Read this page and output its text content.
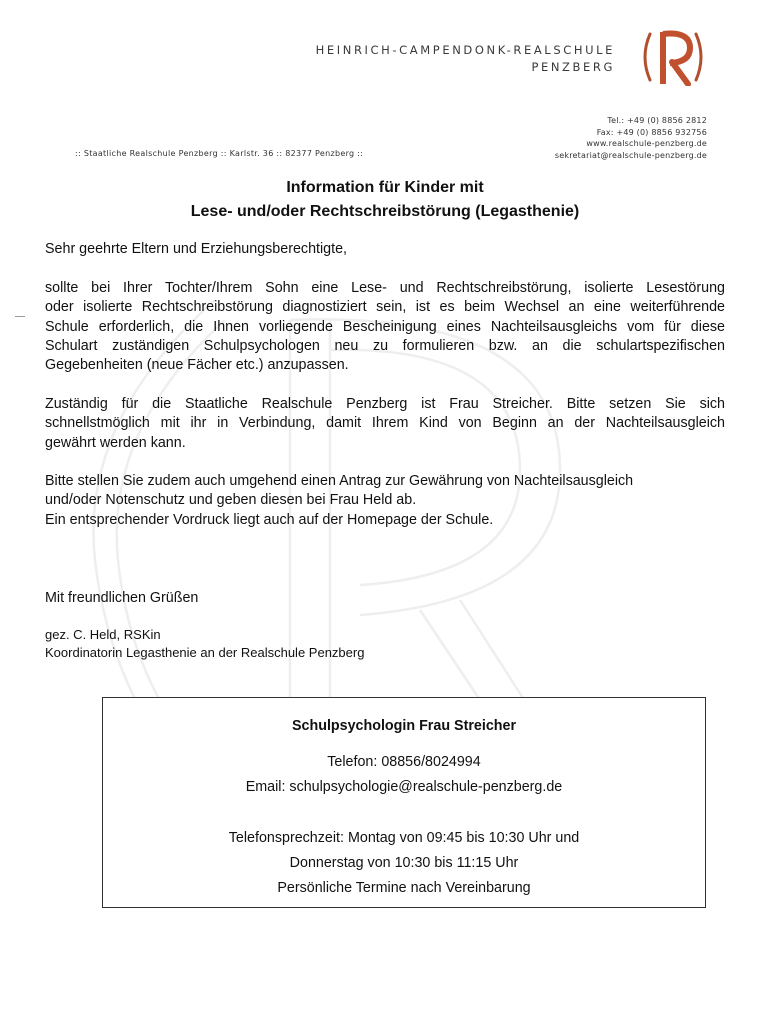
HEINRICH-CAMPENDONK-REALSCHULE
PENZBERG
Tel.: +49 (0) 8856 2812
Fax: +49 (0) 8856 932756
www.realschule-penzberg.de
sekretariat@realschule-penzberg.de
:: Staatliche Realschule Penzberg :: Karlstr. 36 :: 82377 Penzberg ::
Information für Kinder mit
Lese- und/oder Rechtschreibstörung (Legasthenie)
Sehr geehrte Eltern und Erziehungsberechtigte,
sollte bei Ihrer Tochter/Ihrem Sohn eine Lese- und Rechtschreibstörung, isolierte Lesestörung
oder isolierte Rechtschreibstörung diagnostiziert sein, ist es beim Wechsel an eine weiterführende
Schule erforderlich, die Ihnen vorliegende Bescheinigung eines Nachteilsausgleichs vom für diese
Schulart zuständigen Schulpsychologen neu zu formulieren bzw. an die schulartspezifischen
Gegebenheiten (neue Fächer etc.) anzupassen.
Zuständig für die Staatliche Realschule Penzberg ist Frau Streicher. Bitte setzen Sie sich
schnellstmöglich mit ihr in Verbindung, damit Ihrem Kind von Beginn an der Nachteilsausgleich
gewährt werden kann.
Bitte stellen Sie zudem auch umgehend einen Antrag zur Gewährung von Nachteilsausgleich
und/oder Notenschutz und geben diesen bei Frau Held ab.
Ein entsprechender Vordruck liegt auch auf der Homepage der Schule.
Mit freundlichen Grüßen
gez. C. Held, RSKin
Koordinatorin Legasthenie an der Realschule Penzberg
Schulpsychologin Frau Streicher
Telefon: 08856/8024994
Email: schulpsychologie@realschule-penzberg.de
Telefonsprechzeit: Montag von 09:45 bis 10:30 Uhr und
Donnerstag von 10:30 bis 11:15 Uhr
Persönliche Termine nach Vereinbarung
